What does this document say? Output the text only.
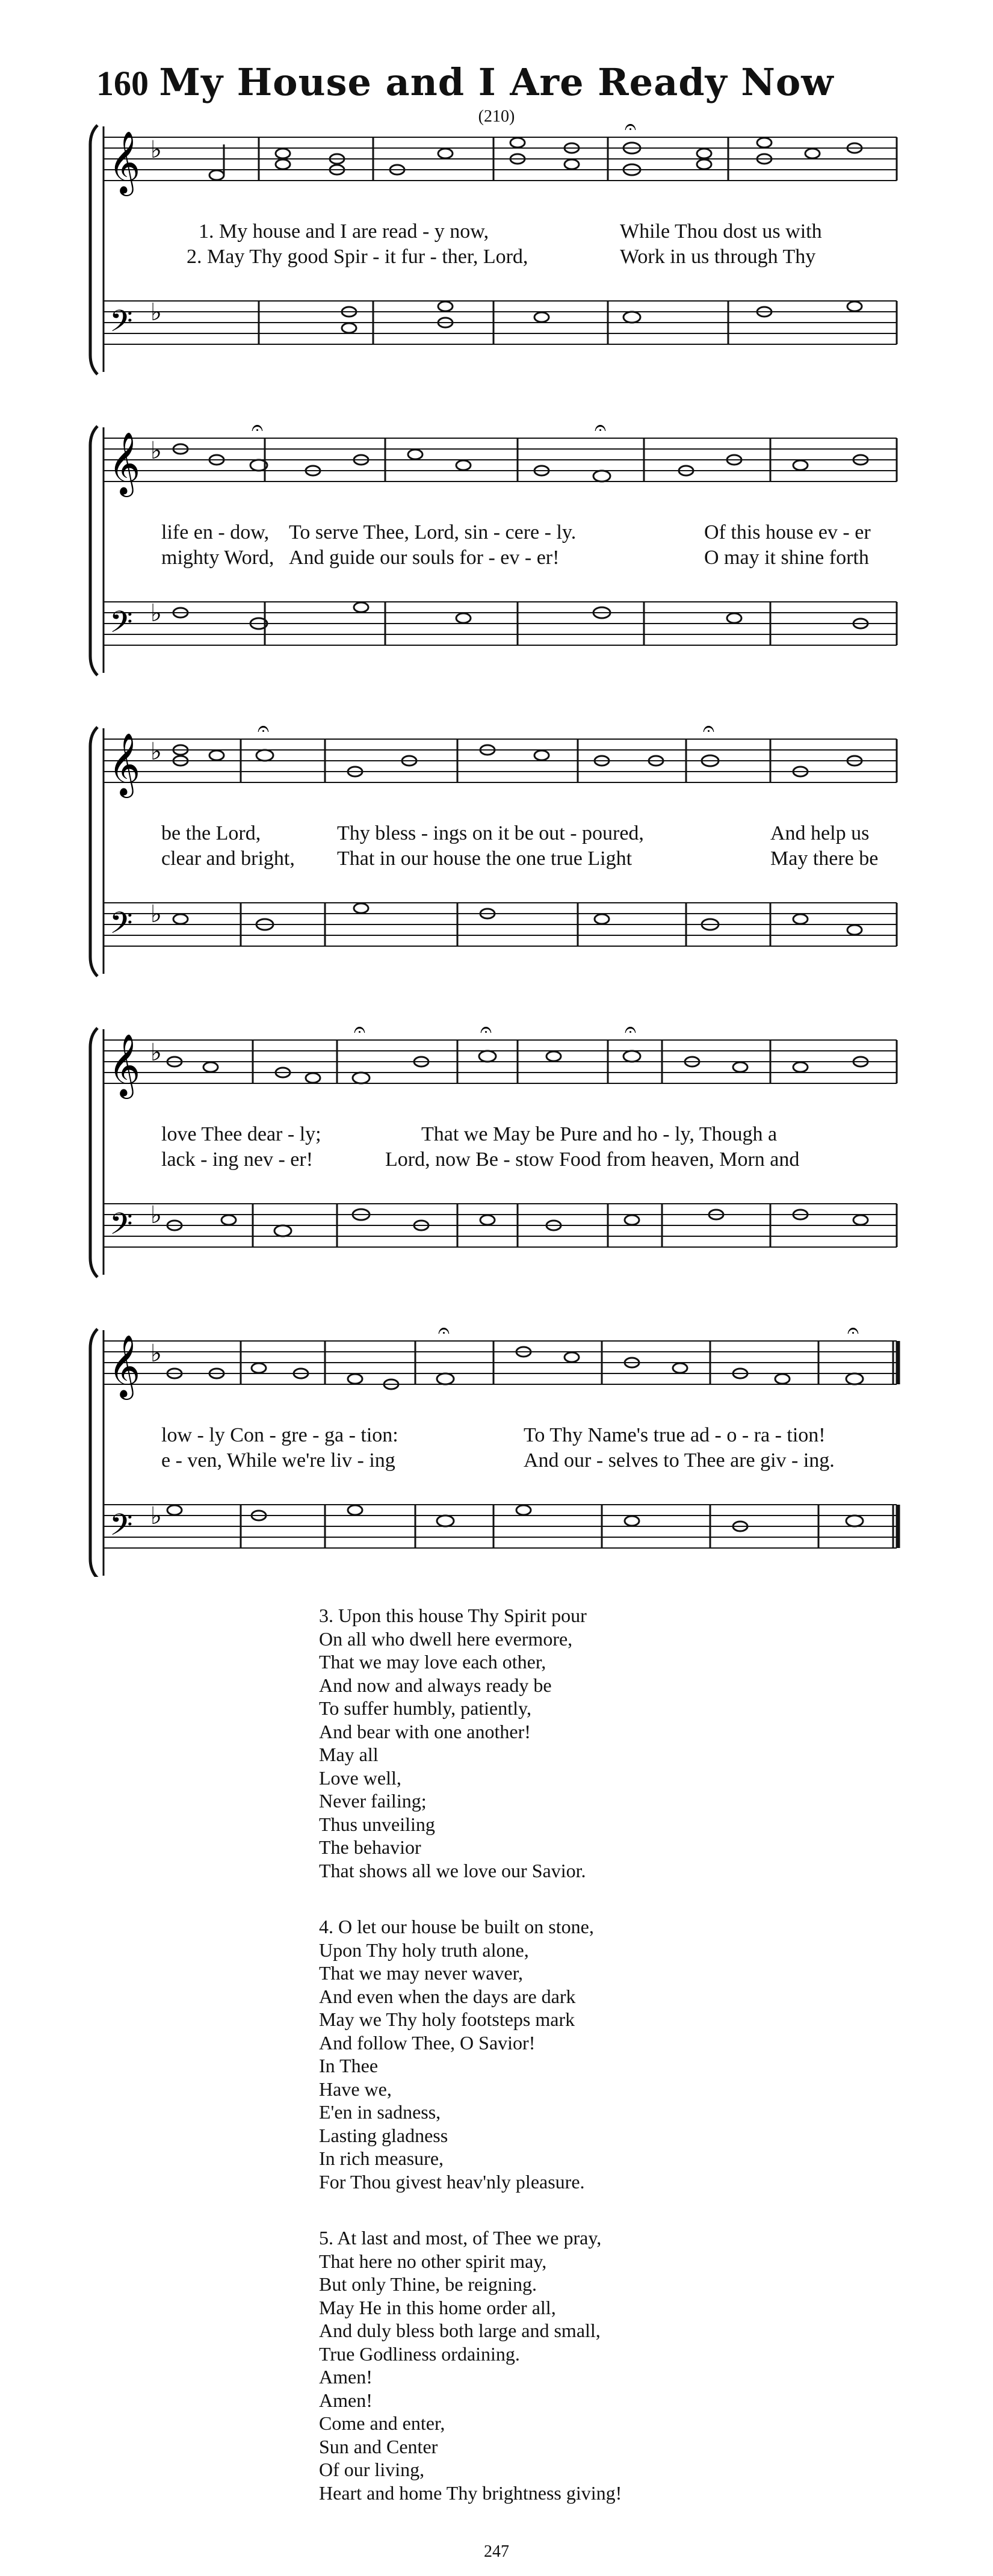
160 My House and I Are Ready Now
(210)
𝄞
𝄢
♭
♭
𝄐
1. My house and I are read - y now,	While Thou dost us with
2. May Thy good Spir - it fur - ther, Lord,	Work in us through Thy
𝄞
𝄢
♭
♭
𝄐	𝄐
life en - dow, To serve Thee, Lord, sin - cere - ly.	Of this house ev - er
mighty Word, And guide our souls for - ev - er!	O may it shine forth
𝄞
𝄢
♭
♭
𝄐	𝄐
be the Lord,	Thy bless - ings on it be out - poured,	And help us
clear and bright, That in our house the one true Light	May there be
𝄞
𝄢
♭
♭
𝄐	𝄐	𝄐
love Thee dear - ly;	That we May be Pure and ho - ly, Though a
lack - ing nev - er!	Lord, now Be - stow Food from heaven, Morn and
𝄞
𝄢
♭
♭
𝄐	𝄐
low - ly Con - gre - ga - tion:	To Thy Name's true ad - o - ra - tion!
e - ven, While we're liv - ing	And our - selves to Thee are giv - ing.
3. Upon this house Thy Spirit pour
On all who dwell here evermore,
That we may love each other,
And now and always ready be
To suffer humbly, patiently,
And bear with one another!
May all
Love well,
Never failing;
Thus unveiling
The behavior
That shows all we love our Savior.
4. O let our house be built on stone,
Upon Thy holy truth alone,
That we may never waver,
And even when the days are dark
May we Thy holy footsteps mark
And follow Thee, O Savior!
In Thee
Have we,
E'en in sadness,
Lasting gladness
In rich measure,
For Thou givest heav'nly pleasure.
5. At last and most, of Thee we pray,
That here no other spirit may,
But only Thine, be reigning.
May He in this home order all,
And duly bless both large and small,
True Godliness ordaining.
Amen!
Amen!
Come and enter,
Sun and Center
Of our living,
Heart and home Thy brightness giving!
247
